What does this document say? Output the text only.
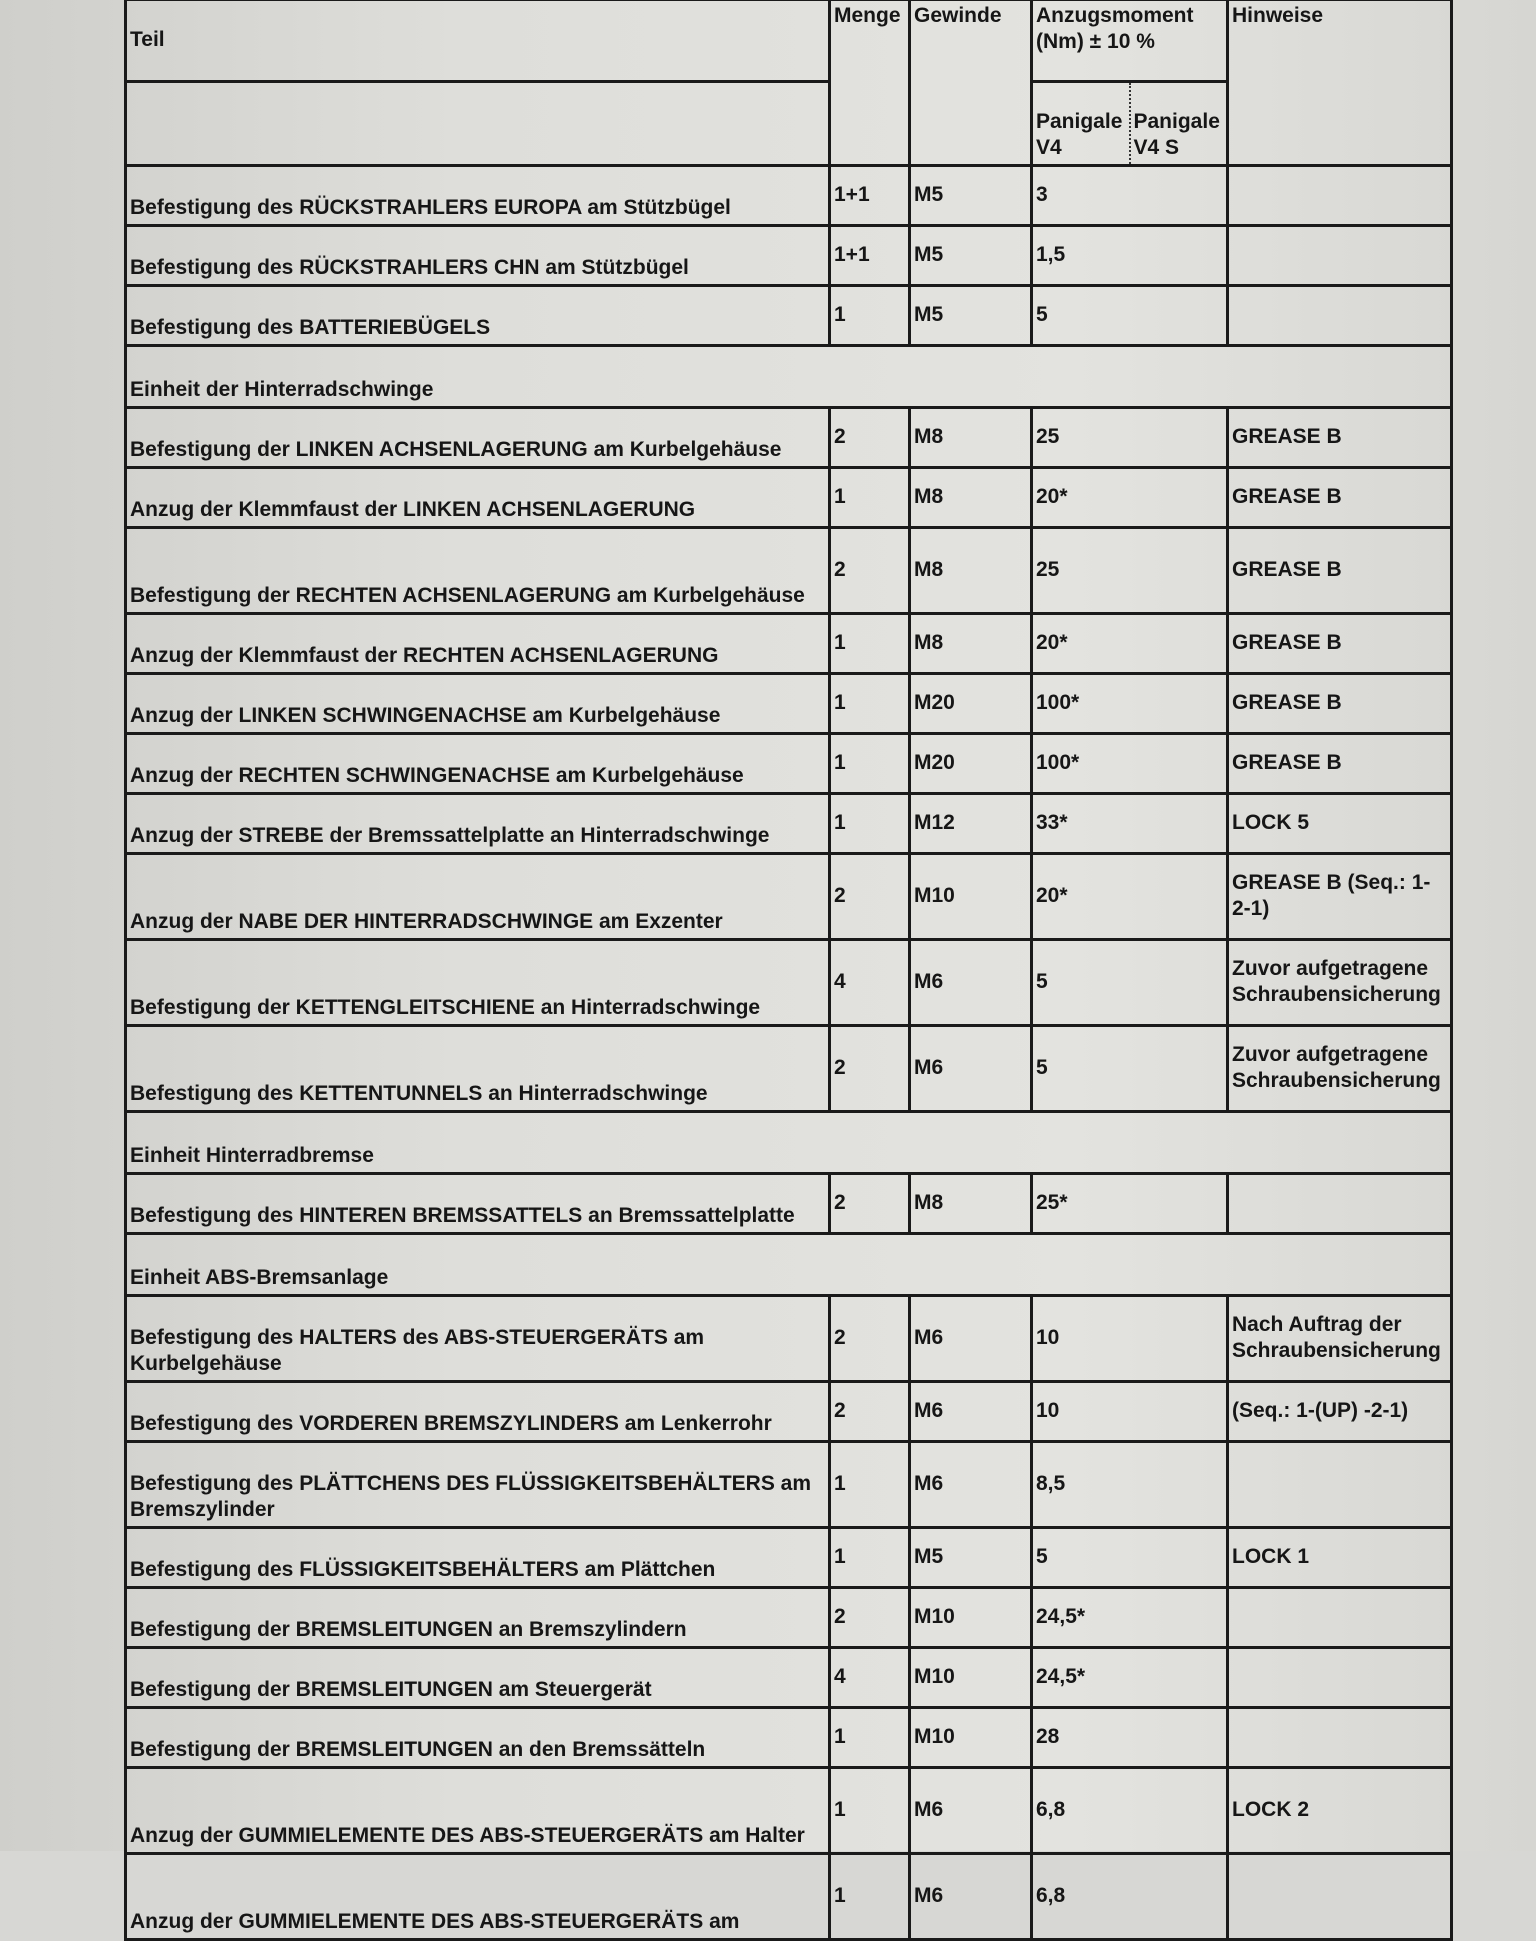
Teil	Menge	Gewinde	Anzugsmoment (Nm) ± 10 %		Hinweise
			Panigale V4	Panigale V4 S	
Befestigung des RÜCKSTRAHLERS EUROPA am Stützbügel	1+1	M5	3		
Befestigung des RÜCKSTRAHLERS CHN am Stützbügel	1+1	M5	1,5		
Befestigung des BATTERIEBÜGELS	1	M5	5		
Einheit der Hinterradschwinge					
Befestigung der LINKEN ACHSENLAGERUNG am Kurbelgehäuse	2	M8	25		GREASE B
Anzug der Klemmfaust der LINKEN ACHSENLAGERUNG	1	M8	20*		GREASE B
Befestigung der RECHTEN ACHSENLAGERUNG am Kurbelgehäuse	2	M8	25		GREASE B
Anzug der Klemmfaust der RECHTEN ACHSENLAGERUNG	1	M8	20*		GREASE B
Anzug der LINKEN SCHWINGENACHSE am Kurbelgehäuse	1	M20	100*		GREASE B
Anzug der RECHTEN SCHWINGENACHSE am Kurbelgehäuse	1	M20	100*		GREASE B
Anzug der STREBE der Bremssattelplatte an Hinterradschwinge	1	M12	33*		LOCK 5
Anzug der NABE DER HINTERRADSCHWINGE am Exzenter	2	M10	20*		GREASE B (Seq.: 1-2-1)
Befestigung der KETTENGLEITSCHIENE an Hinterradschwinge	4	M6	5		Zuvor aufgetragene Schraubensicherung
Befestigung des KETTENTUNNELS an Hinterradschwinge	2	M6	5		Zuvor aufgetragene Schraubensicherung
Einheit Hinterradbremse					
Befestigung des HINTEREN BREMSSATTELS an Bremssattelplatte	2	M8	25*		
Einheit ABS-Bremsanlage					
Befestigung des HALTERS des ABS-STEUERGERÄTS am Kurbelgehäuse	2	M6	10		Nach Auftrag der Schraubensicherung
Befestigung des VORDEREN BREMSZYLINDERS am Lenkerrohr	2	M6	10		(Seq.: 1-(UP) -2-1)
Befestigung des PLÄTTCHENS DES FLÜSSIGKEITSBEHÄLTERS am Bremszylinder	1	M6	8,5		
Befestigung des FLÜSSIGKEITSBEHÄLTERS am Plättchen	1	M5	5		LOCK 1
Befestigung der BREMSLEITUNGEN an Bremszylindern	2	M10	24,5*		
Befestigung der BREMSLEITUNGEN am Steuergerät	4	M10	24,5*		
Befestigung der BREMSLEITUNGEN an den Bremssätteln	1	M10	28		
Anzug der GUMMIELEMENTE DES ABS-STEUERGERÄTS am Halter	1	M6	6,8		LOCK 2
Anzug der GUMMIELEMENTE DES ABS-STEUERGERÄTS am	1	M6	6,8		
